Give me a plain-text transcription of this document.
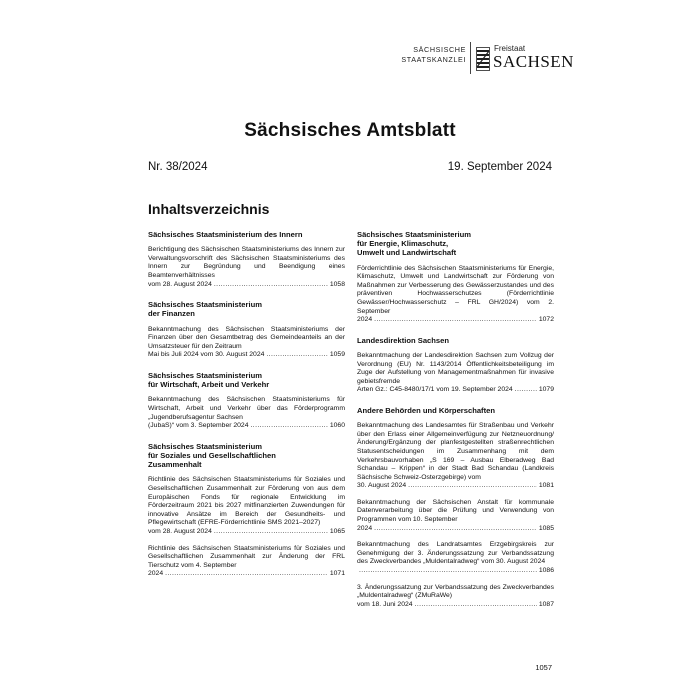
SÄCHSISCHE
STAATSKANZLEI
Freistaat
SACHSEN
Sächsisches Amtsblatt
Nr. 38/2024	19. September 2024
Inhaltsverzeichnis
Sächsisches Staatsministerium des Innern
Berichtigung des Sächsischen Staatsministeriums des Innern zur Verwaltungsvorschrift des Sächsischen Staatsministeriums des Innern zur Begründung und Beendigung eines Beamtenverhältnisses
vom 28. August 2024 .....	1058
Sächsisches Staatsministerium
der Finanzen
Bekanntmachung des Sächsischen Staatsministeriums der Finanzen über den Gesamtbetrag des Gemeindeanteils an der Umsatzsteuer für den Zeitraum
Mai bis Juli 2024 vom 30. August 2024 .....	1059
Sächsisches Staatsministerium
für Wirtschaft, Arbeit und Verkehr
Bekanntmachung des Sächsischen Staatsministeriums für Wirtschaft, Arbeit und Verkehr über das Förderprogramm „Jugendberufsagentur Sachsen
(JubaS)“ vom 3. September 2024 .....	1060
Sächsisches Staatsministerium
für Soziales und Gesellschaftlichen
Zusammenhalt
Richtlinie des Sächsischen Staatsministeriums für Soziales und Gesellschaftlichen Zusammenhalt zur Förderung von aus dem Europäischen Fonds für regionale Entwicklung im Förderzeitraum 2021 bis 2027 mitfinanzierten Zuwendungen für innovative Ansätze im Bereich der Gesundheits- und Pflegewirtschaft (EFRE-Förderrichtlinie SMS 2021–2027)
vom 28. August 2024 .....	1065
Richtlinie des Sächsischen Staatsministeriums für Soziales und Gesellschaftlichen Zusammenhalt zur Änderung der FRL Tierschutz vom 4. September
2024 .....	1071
Sächsisches Staatsministerium
für Energie, Klimaschutz,
Umwelt und Landwirtschaft
Förderrichtlinie des Sächsischen Staatsministeriums für Energie, Klimaschutz, Umwelt und Landwirtschaft zur Förderung von Maßnahmen zur Verbesserung des Gewässerzustandes und des präventiven Hochwasserschutzes (Förderrichtlinie Gewässer/Hochwasserschutz – FRL GH/2024) vom 2. September
2024 .....	1072
Landesdirektion Sachsen
Bekanntmachung der Landesdirektion Sachsen zum Vollzug der Verordnung (EU) Nr. 1143/2014 Öffentlichkeitsbeteiligung im Zuge der Aufstellung von Managementmaßnahmen für invasive gebietsfremde
Arten Gz.: C45-8480/17/1 vom 19. September 2024 .....	1079
Andere Behörden und Körperschaften
Bekanntmachung des Landesamtes für Straßenbau und Verkehr über den Erlass einer Allgemeinverfügung zur Netzneuordnung/Änderung/Ergänzung der planfestgestellten straßenrechtlichen Statusentscheidungen im Zusammenhang mit dem Verkehrsbauvorhaben „S 169 – Ausbau Elberadweg Bad Schandau – Krippen“ in der Stadt Bad Schandau (Landkreis Sächsische Schweiz-Osterzgebirge) vom
30. August 2024 .....	1081
Bekanntmachung der Sächsischen Anstalt für kommunale Datenverarbeitung über die Prüfung und Verwendung von Programmen vom 10. September
2024 .....	1085
Bekanntmachung des Landratsamtes Erzgebirgskreis zur Genehmigung der 3. Änderungssatzung zur Verbandssatzung des Zweckverbandes „Muldentalradweg“ vom 30. August 2024
.....
1086
3. Änderungssatzung zur Verbandssatzung des Zweckverbandes „Muldentalradweg“ (ZMuRaWe)
vom 18. Juni 2024 .....	1087
1057
